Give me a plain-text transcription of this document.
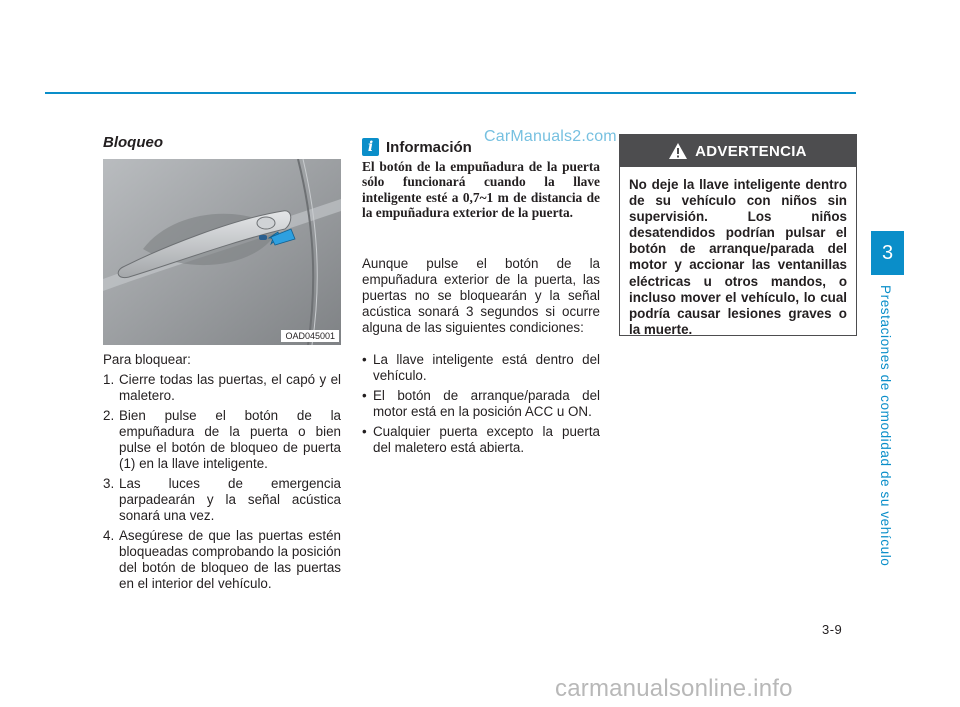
Bloqueo
OAD045001
Para bloquear:
1. Cierre todas las puertas, el capó y el maletero.
2. Bien pulse el botón de la empuñadura de la puerta o bien pulse el botón de bloqueo de puerta (1) en la llave inteligente.
3. Las luces de emergencia parpadearán y la señal acústica sonará una vez.
4. Asegúrese de que las puertas estén bloqueadas comprobando la posición del botón de bloqueo de las puertas en el interior del vehículo.
i Información
CarManuals2.com
El botón de la empuñadura de la puerta sólo funcionará cuando la llave inteligente esté a 0,7~1 m de distancia de la empuñadura exterior de la puerta.
Aunque pulse el botón de la empuñadura exterior de la puerta, las puertas no se bloquearán y la señal acústica sonará 3 segundos si ocurre alguna de las siguientes condiciones:
• La llave inteligente está dentro del vehículo.
• El botón de arranque/parada del motor está en la posición ACC u ON.
• Cualquier puerta excepto la puerta del maletero está abierta.
ADVERTENCIA
No deje la llave inteligente dentro de su vehículo con niños sin supervisión. Los niños desatendidos podrían pulsar el botón de arranque/parada del motor y accionar las ventanillas eléctricas u otros mandos, o incluso mover el vehículo, lo cual podría causar lesiones graves o la muerte.
3
Prestaciones de comodidad de su vehículo
3-9
carmanualsonline.info
